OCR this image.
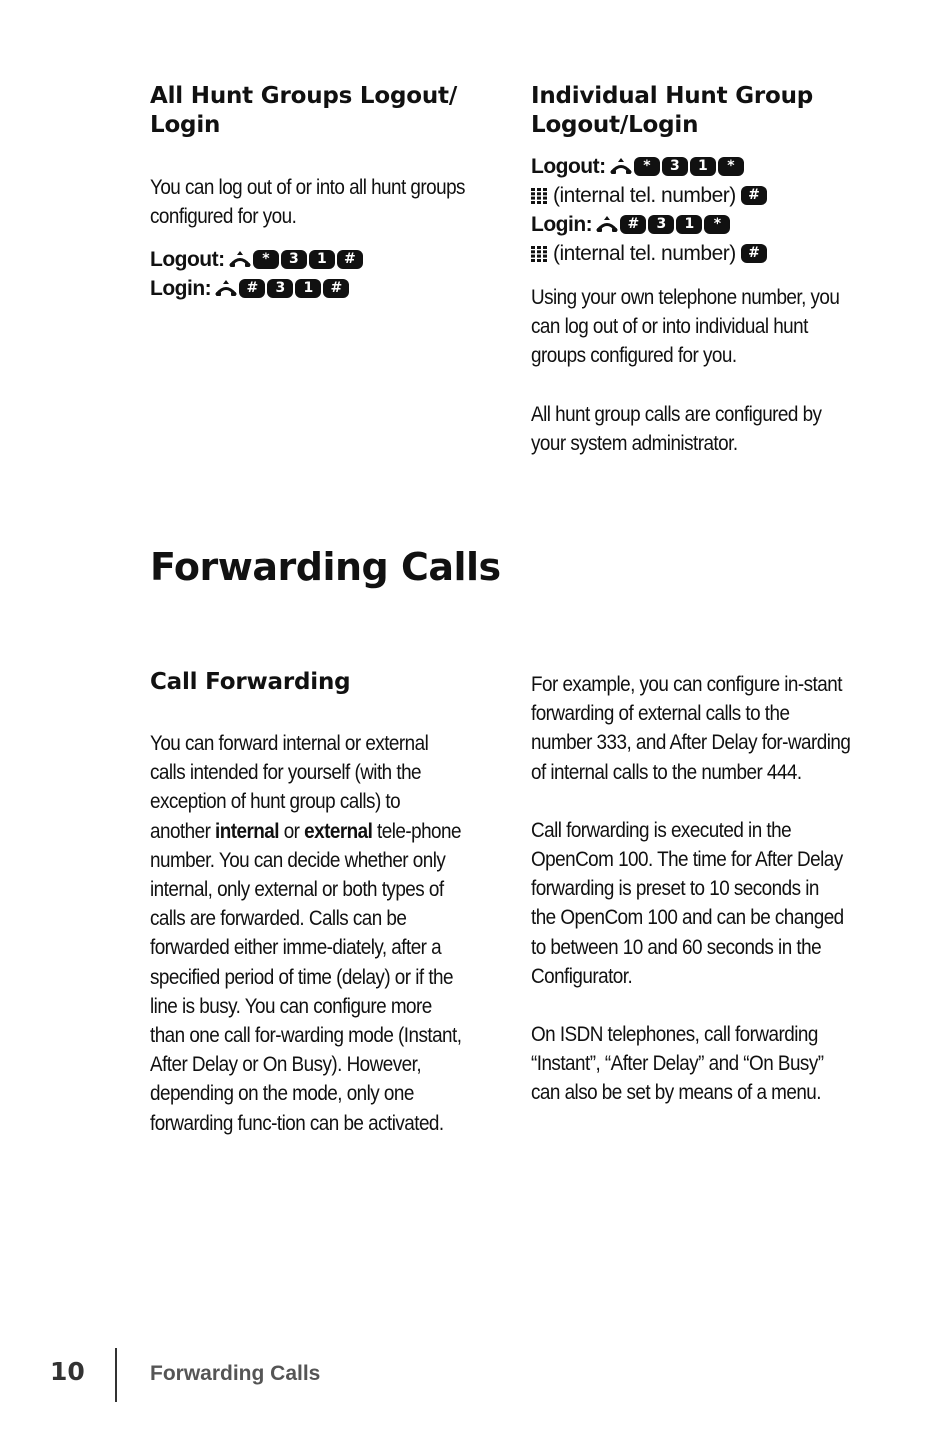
All Hunt Groups Logout/
Login

You can log out of or into all hunt groups configured for you.

Logout:	*	3	1	#
Login:	#	3	1	#
Individual Hunt Group
Logout/Login
Logout:	*	3	1	*
(internal tel. number) #
Login:	#	3	1	*
(internal tel. number) #

Using your own telephone number, you can log out of or into individual hunt groups configured for you.

All hunt group calls are configured by your system administrator.

Forwarding Calls
Call Forwarding

You can forward internal or external calls intended for yourself (with the exception of hunt group calls) to another internal or external tele-phone number. You can decide whether only internal, only external or both types of calls are forwarded. Calls can be forwarded either imme-diately, after a specified period of time (delay) or if the line is busy. You can configure more than one call for-warding mode (Instant, After Delay or On Busy). However, depending on the mode, only one forwarding func-tion can be activated.

For example, you can configure in-stant forwarding of external calls to the number 333, and After Delay for-warding of internal calls to the number 444.

Call forwarding is executed in the OpenCom 100. The time for After Delay forwarding is preset to 10 seconds in the OpenCom 100 and can be changed to between 10 and 60 seconds in the Configurator.

On ISDN telephones, call forwarding “Instant”, “After Delay” and “On Busy” can also be set by means of a menu.

10	Forwarding Calls
